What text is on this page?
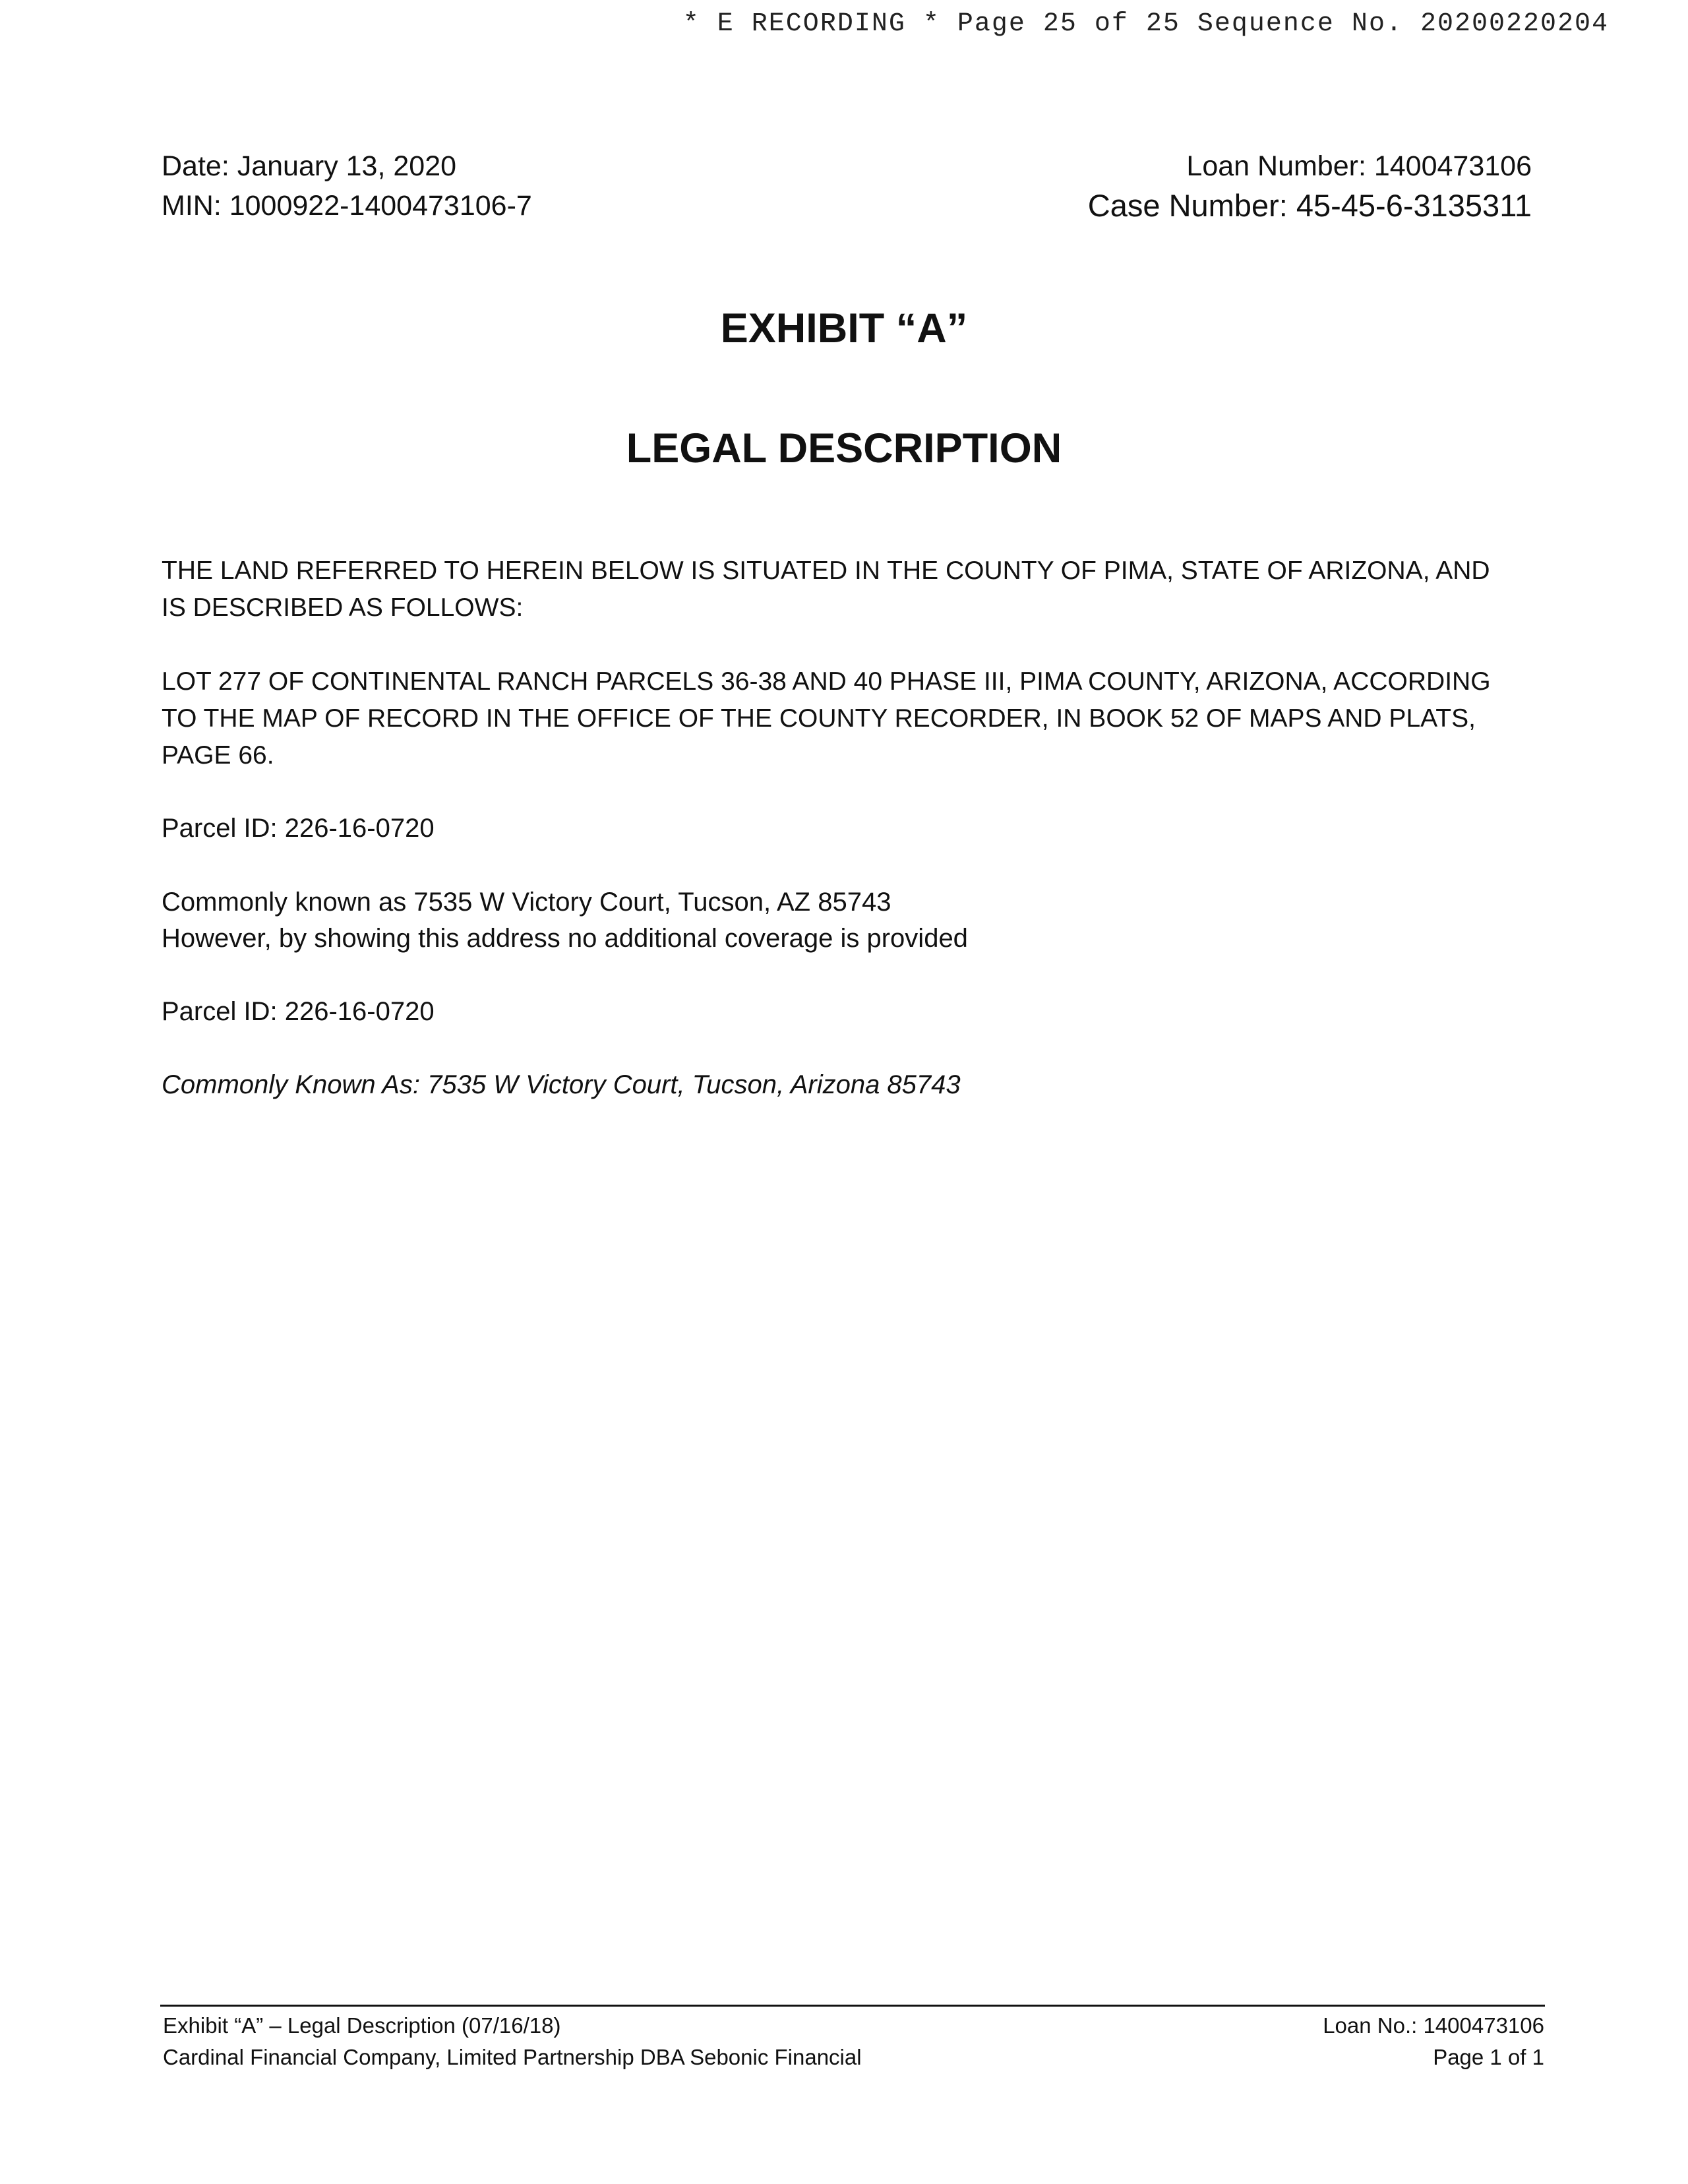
* E RECORDING * Page 25 of 25 Sequence No. 20200220204
Date: January 13, 2020
MIN: 1000922-1400473106-7
Loan Number: 1400473106
Case Number: 45-45-6-3135311
EXHIBIT “A”
LEGAL DESCRIPTION

THE LAND REFERRED TO HEREIN BELOW IS SITUATED IN THE COUNTY OF PIMA, STATE OF ARIZONA, AND
IS DESCRIBED AS FOLLOWS:

LOT 277 OF CONTINENTAL RANCH PARCELS 36-38 AND 40 PHASE III, PIMA COUNTY, ARIZONA, ACCORDING
TO THE MAP OF RECORD IN THE OFFICE OF THE COUNTY RECORDER, IN BOOK 52 OF MAPS AND PLATS,
PAGE 66.

Parcel ID: 226-16-0720

Commonly known as 7535 W Victory Court, Tucson, AZ 85743

However, by showing this address no additional coverage is provided

Parcel ID: 226-16-0720

Commonly Known As: 7535 W Victory Court, Tucson, Arizona 85743

Exhibit “A” – Legal Description (07/16/18)
Cardinal Financial Company, Limited Partnership DBA Sebonic Financial
Loan No.: 1400473106
Page 1 of 1
